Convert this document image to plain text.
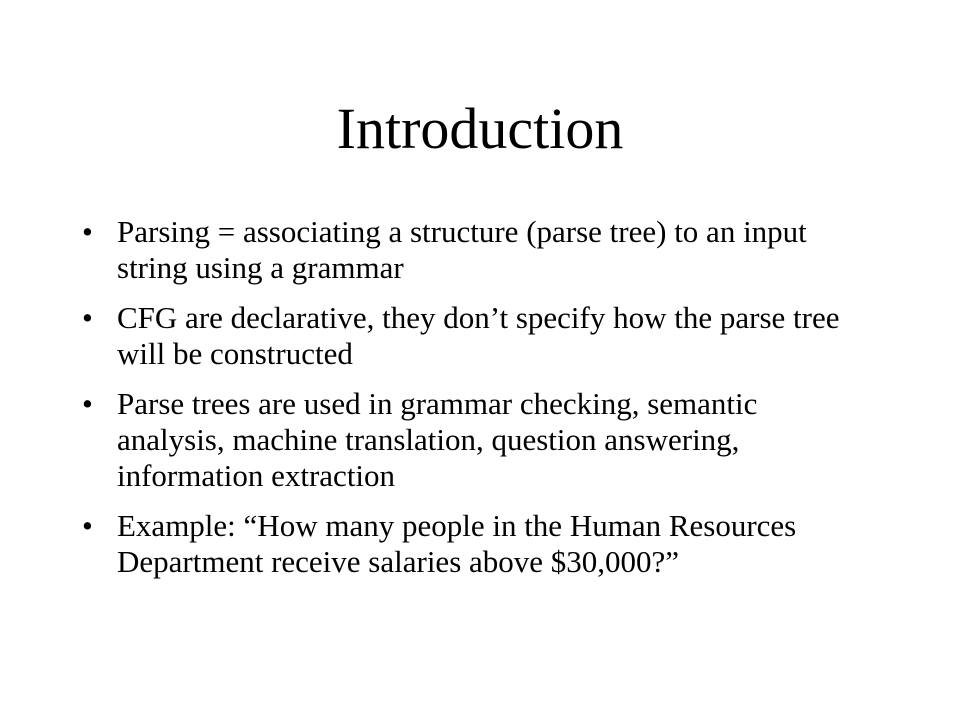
Introduction
• Parsing = associating a structure (parse tree) to an input string using a grammar
• CFG are declarative, they don’t specify how the parse tree will be constructed
• Parse trees are used in grammar checking, semantic analysis, machine translation, question answering, information extraction
• Example: “How many people in the Human Resources Department receive salaries above $30,000?”
